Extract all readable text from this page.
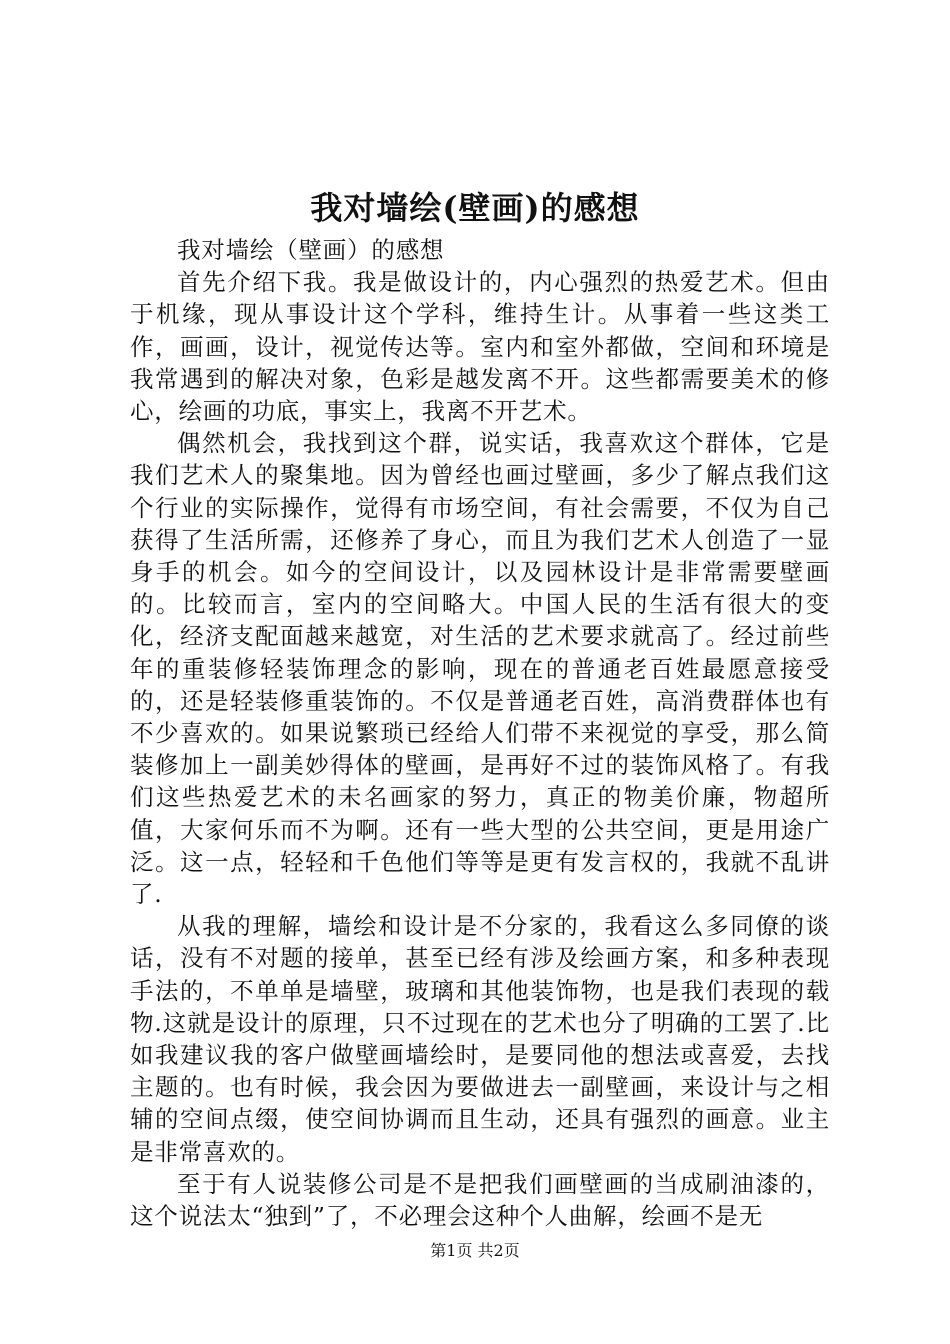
我对墙绘(壁画)的感想

我对墙绘（壁画）的感想

首先介绍下我。我是做设计的，内心强烈的热爱艺术。但由于机缘，现从事设计这个学科，维持生计。从事着一些这类工作，画画，设计，视觉传达等。室内和室外都做，空间和环境是我常遇到的解决对象，色彩是越发离不开。这些都需要美术的修心，绘画的功底，事实上，我离不开艺术。

偶然机会，我找到这个群，说实话，我喜欢这个群体，它是我们艺术人的聚集地。因为曾经也画过壁画，多少了解点我们这个行业的实际操作，觉得有市场空间，有社会需要，不仅为自己获得了生活所需，还修养了身心，而且为我们艺术人创造了一显身手的机会。如今的空间设计，以及园林设计是非常需要壁画的。比较而言，室内的空间略大。中国人民的生活有很大的变化，经济支配面越来越宽，对生活的艺术要求就高了。经过前些年的重装修轻装饰理念的影响，现在的普通老百姓最愿意接受的，还是轻装修重装饰的。不仅是普通老百姓，高消费群体也有不少喜欢的。如果说繁琐已经给人们带不来视觉的享受，那么简装修加上一副美妙得体的壁画，是再好不过的装饰风格了。有我们这些热爱艺术的未名画家的努力，真正的物美价廉，物超所值，大家何乐而不为啊。还有一些大型的公共空间，更是用途广泛。这一点，轻轻和千色他们等等是更有发言权的，我就不乱讲了.

从我的理解，墙绘和设计是不分家的，我看这么多同僚的谈话，没有不对题的接单，甚至已经有涉及绘画方案，和多种表现手法的，不单单是墙壁，玻璃和其他装饰物，也是我们表现的载物.这就是设计的原理，只不过现在的艺术也分了明确的工罢了.比如我建议我的客户做壁画墙绘时，是要同他的想法或喜爱，去找主题的。也有时候，我会因为要做进去一副壁画，来设计与之相辅的空间点缀，使空间协调而且生动，还具有强烈的画意。业主是非常喜欢的。

至于有人说装修公司是不是把我们画壁画的当成刷油漆的，这个说法太“独到”了，不必理会这种个人曲解，绘画不是无

第1页 共2页
